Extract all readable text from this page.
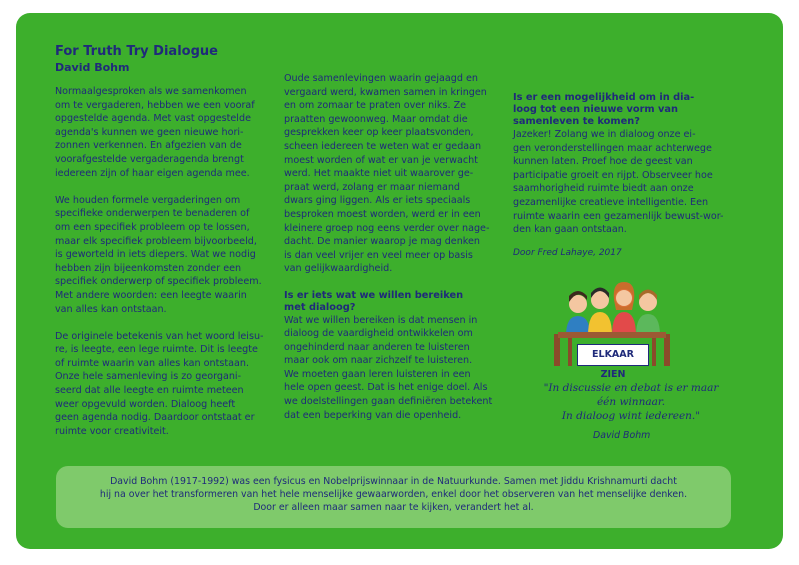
For Truth Try Dialogue
David Bohm

Normaalgesproken als we samenkomen
om te vergaderen, hebben we een vooraf
opgestelde agenda. Met vast opgestelde
agenda's kunnen we geen nieuwe hori-
zonnen verkennen. En afgezien van de
voorafgestelde vergaderagenda brengt
iedereen zijn of haar eigen agenda mee.

We houden formele vergaderingen om
specifieke onderwerpen te benaderen of
om een specifiek probleem op te lossen,
maar elk specifiek probleem bijvoorbeeld,
is geworteld in iets diepers. Wat we nodig
hebben zijn bijeenkomsten zonder een
specifiek onderwerp of specifiek probleem.
Met andere woorden: een leegte waarin
van alles kan ontstaan.

De originele betekenis van het woord leisu-
re, is leegte, een lege ruimte. Dit is leegte
of ruimte waarin van alles kan ontstaan.
Onze hele samenleving is zo georgani-
seerd dat alle leegte en ruimte meteen
weer opgevuld worden. Dialoog heeft
geen agenda nodig. Daardoor ontstaat er
ruimte voor creativiteit.

Oude samenlevingen waarin gejaagd en
vergaard werd, kwamen samen in kringen
en om zomaar te praten over niks. Ze
praatten gewoonweg. Maar omdat die
gesprekken keer op keer plaatsvonden,
scheen iedereen te weten wat er gedaan
moest worden of wat er van je verwacht
werd. Het maakte niet uit waarover ge-
praat werd, zolang er maar niemand
dwars ging liggen. Als er iets speciaals
besproken moest worden, werd er in een
kleinere groep nog eens verder over nage-
dacht. De manier waarop je mag denken
is dan veel vrijer en veel meer op basis
van gelijkwaardigheid.

Is er iets wat we willen bereiken
met dialoog?

Wat we willen bereiken is dat mensen in
dialoog de vaardigheid ontwikkelen om
ongehinderd naar anderen te luisteren
maar ook om naar zichzelf te luisteren.
We moeten gaan leren luisteren in een
hele open geest. Dat is het enige doel. Als
we doelstellingen gaan definiëren betekent
dat een beperking van die openheid.

Is er een mogelijkheid om in dia-
loog tot een nieuwe vorm van
samenleven te komen?

Jazeker! Zolang we in dialoog onze ei-
gen veronderstellingen maar achterwege
kunnen laten. Proef hoe de geest van
participatie groeit en rijpt. Observeer hoe
saamhorigheid ruimte biedt aan onze
gezamenlijke creatieve intelligentie. Een
ruimte waarin een gezamenlijk bewust-wor-
den kan gaan ontstaan.

Door Fred Lahaye, 2017
ELKAAR ZIEN
"In discussie en debat is er maar
één winnaar.
In dialoog wint iedereen."
David Bohm
David Bohm (1917-1992) was een fysicus en Nobelprijswinnaar in de Natuurkunde. Samen met Jiddu Krishnamurti dacht
hij na over het transformeren van het hele menselijke gewaarworden, enkel door het observeren van het menselijke denken.
Door er alleen maar samen naar te kijken, verandert het al.
